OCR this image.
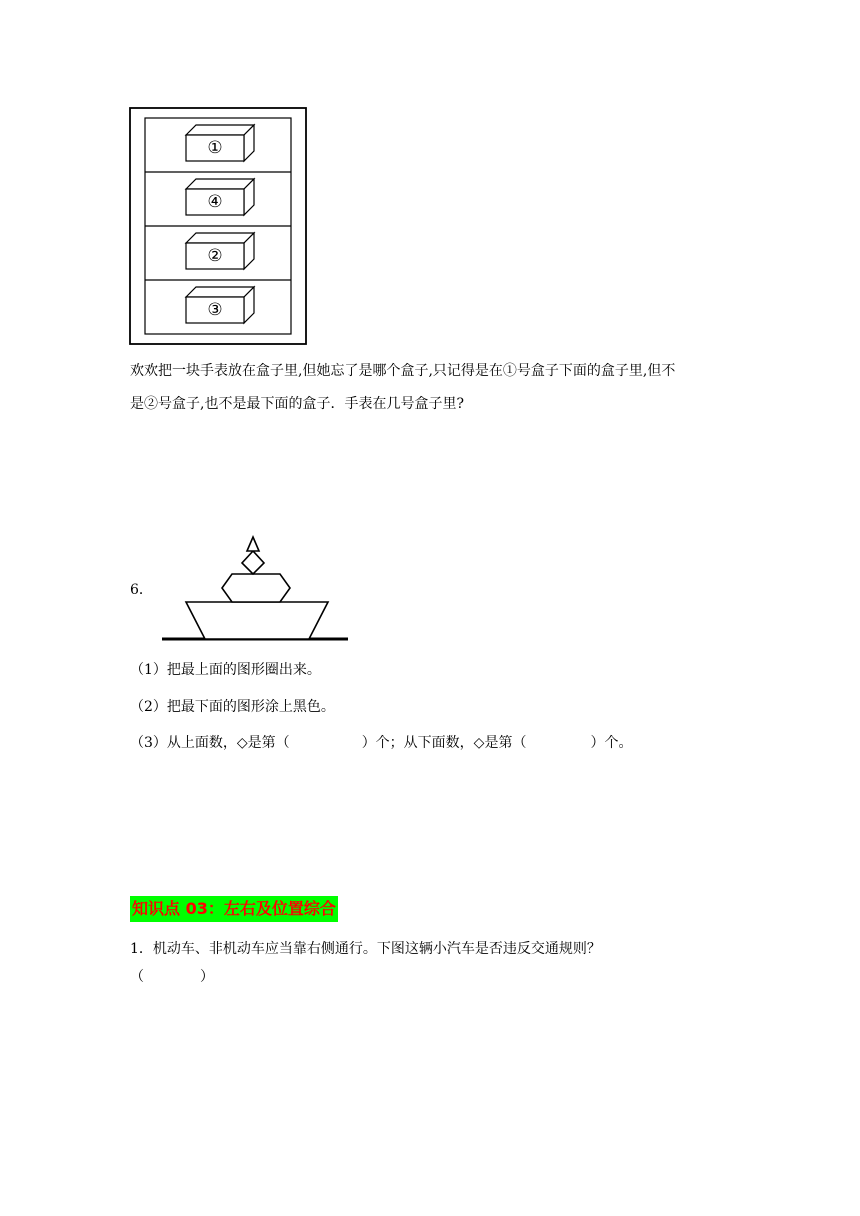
①
④
②
③
欢欢把一块手表放在盒子里,但她忘了是哪个盒子,只记得是在①号盒子下面的盒子里,但不
是②号盒子,也不是最下面的盒子．手表在几号盒子里?
6．
（1）把最上面的图形圈出来。
（2）把最下面的图形涂上黑色。
（3）从上面数，◇是第（	）个；从下面数，◇是第（	）个。
知识点 03：左右及位置综合
1．机动车、非机动车应当靠右侧通行。下图这辆小汽车是否违反交通规则？
（	）
